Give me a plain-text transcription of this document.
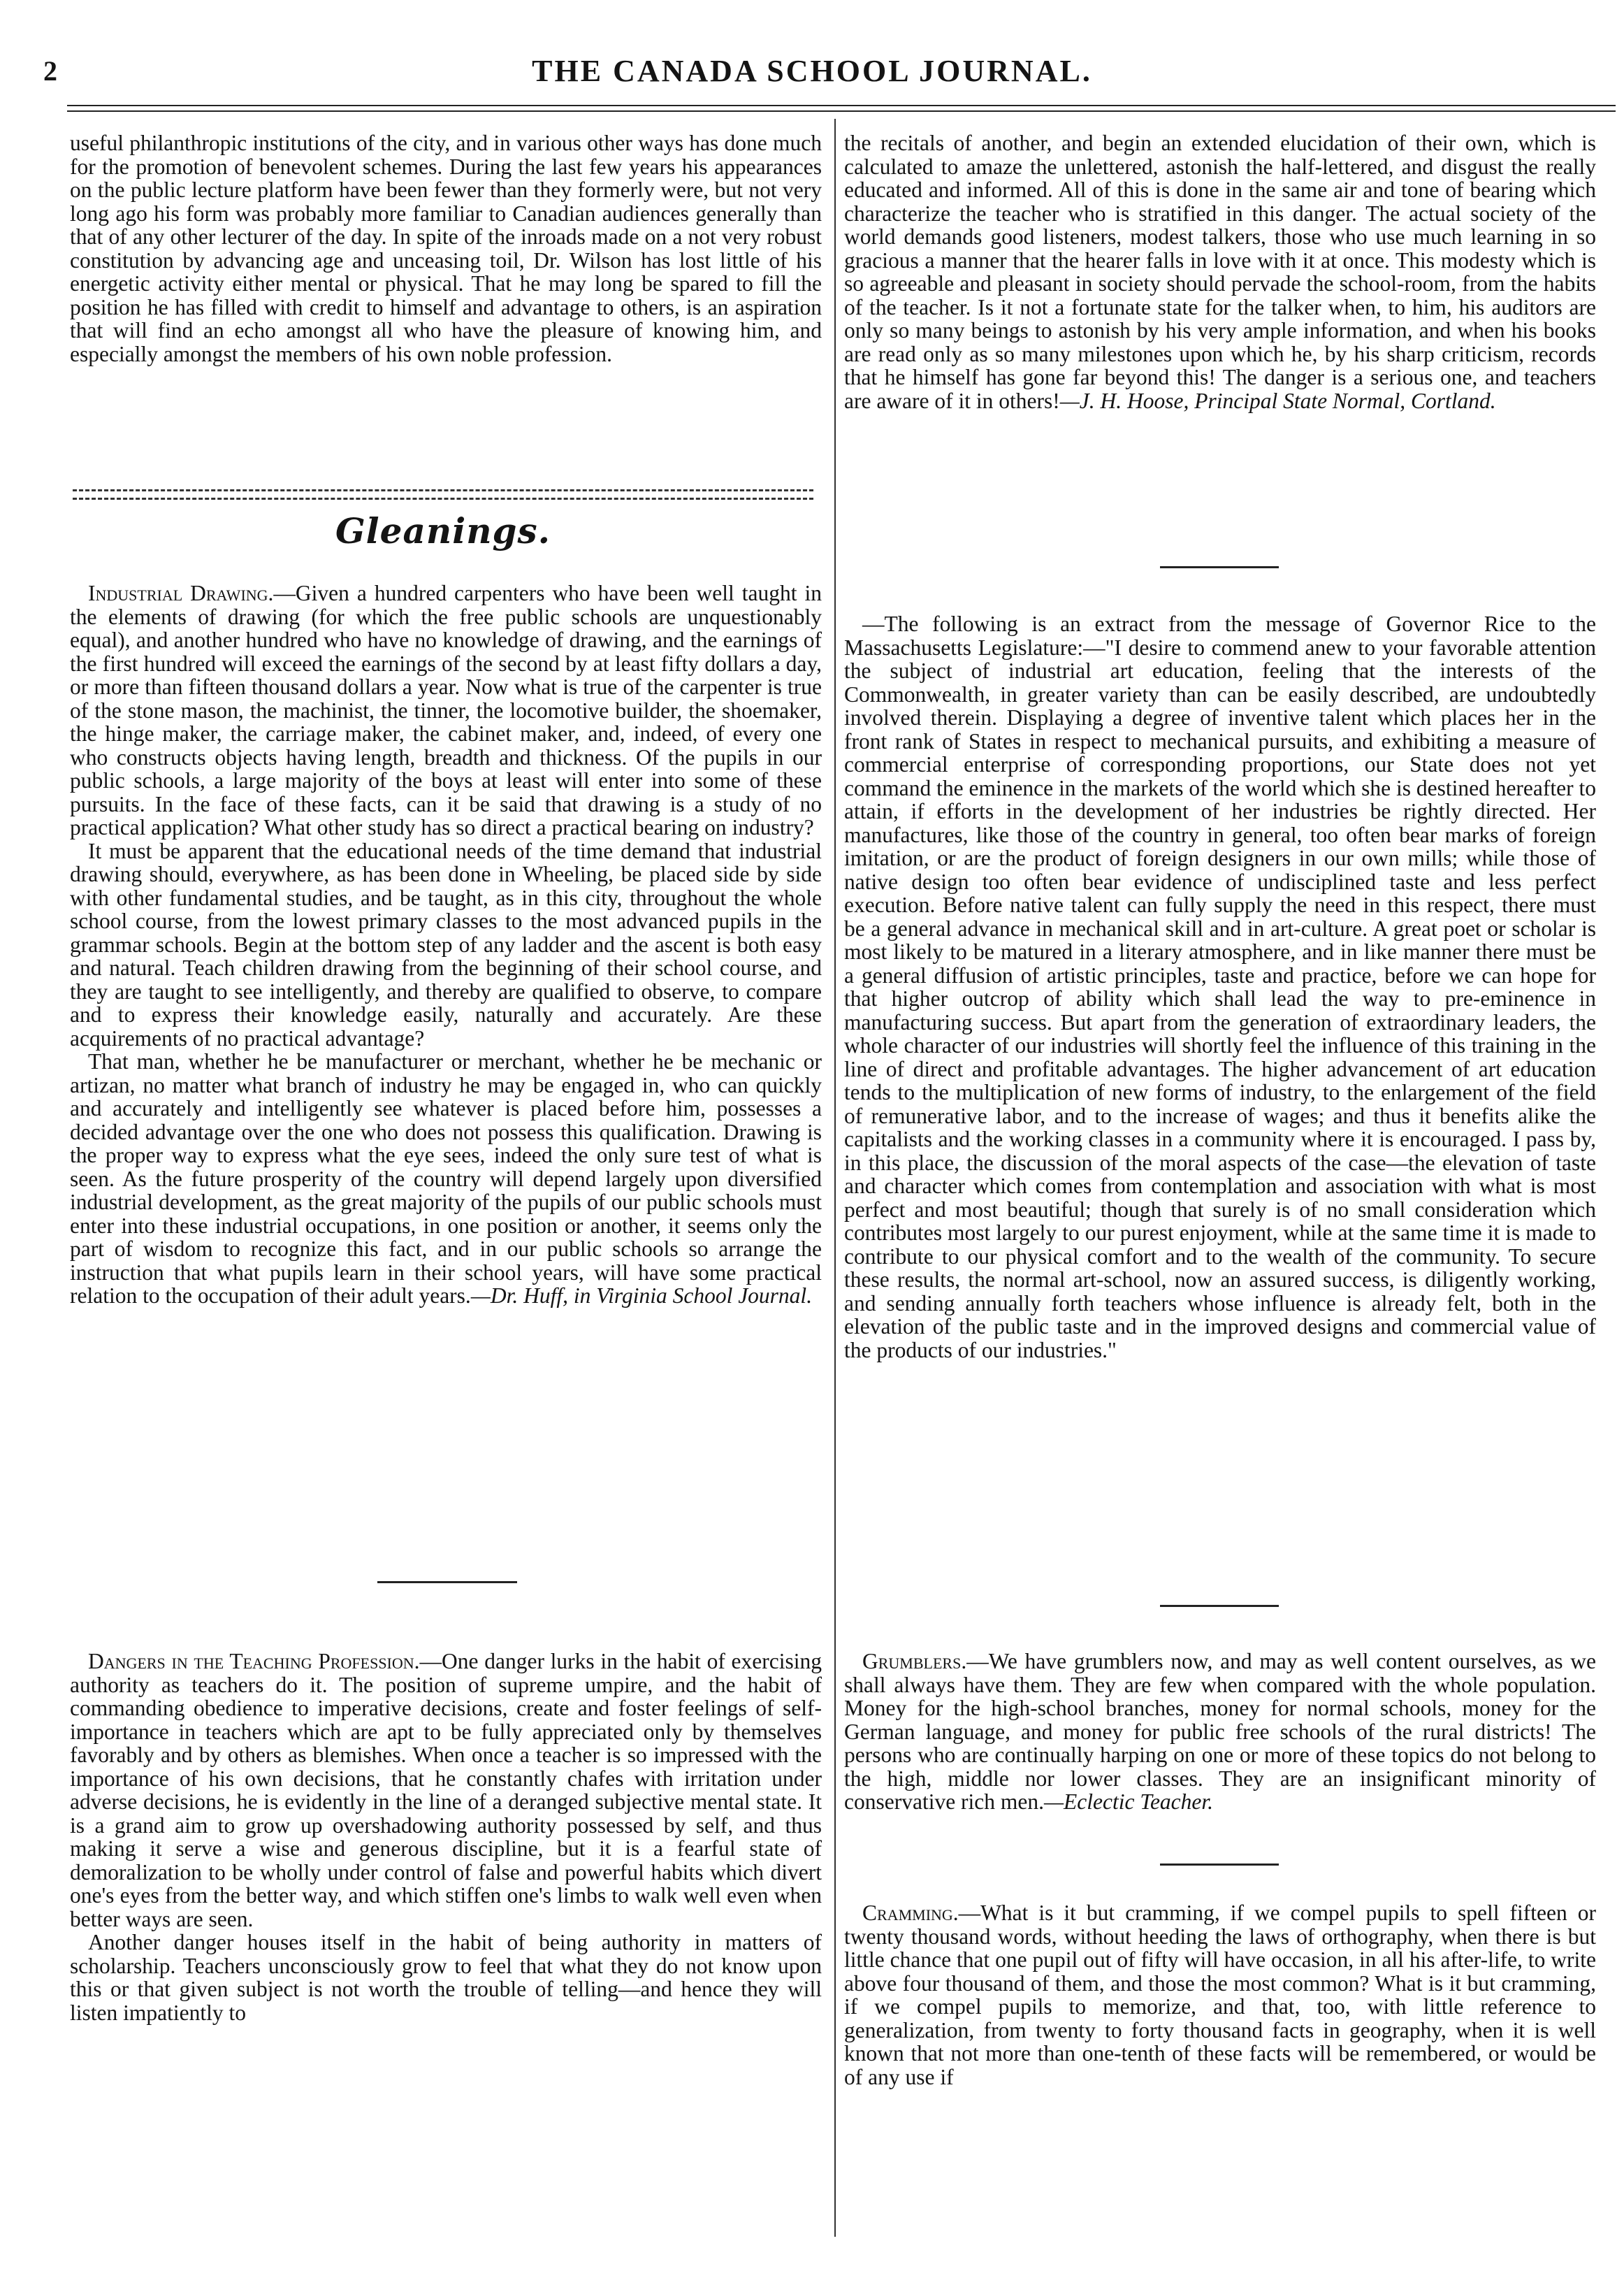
2	THE CANADA SCHOOL JOURNAL.

useful philanthropic institutions of the city, and in various other ways has done much for the promotion of benevolent schemes. During the last few years his appearances on the public lecture platform have been fewer than they formerly were, but not very long ago his form was probably more familiar to Canadian audiences generally than that of any other lecturer of the day. In spite of the inroads made on a not very robust constitution by advancing age and unceasing toil, Dr. Wilson has lost little of his energetic activity either mental or physical. That he may long be spared to fill the position he has filled with credit to himself and advantage to others, is an aspiration that will find an echo amongst all who have the pleasure of knowing him, and especially amongst the members of his own noble profession.

Gleanings.

Industrial Drawing.—Given a hundred carpenters who have been well taught in the elements of drawing (for which the free public schools are unquestionably equal), and another hundred who have no knowledge of drawing, and the earnings of the first hundred will exceed the earnings of the second by at least fifty dollars a day, or more than fifteen thousand dollars a year. Now what is true of the carpenter is true of the stone mason, the machinist, the tinner, the locomotive builder, the shoemaker, the hinge maker, the carriage maker, the cabinet maker, and, indeed, of every one who constructs objects having length, breadth and thickness. Of the pupils in our public schools, a large majority of the boys at least will enter into some of these pursuits. In the face of these facts, can it be said that drawing is a study of no practical application? What other study has so direct a practical bearing on industry?

It must be apparent that the educational needs of the time demand that industrial drawing should, everywhere, as has been done in Wheeling, be placed side by side with other fundamental studies, and be taught, as in this city, throughout the whole school course, from the lowest primary classes to the most advanced pupils in the grammar schools. Begin at the bottom step of any ladder and the ascent is both easy and natural. Teach children drawing from the beginning of their school course, and they are taught to see intelligently, and thereby are qualified to observe, to compare and to express their knowledge easily, naturally and accurately. Are these acquirements of no practical advantage?

That man, whether he be manufacturer or merchant, whether he be mechanic or artizan, no matter what branch of industry he may be engaged in, who can quickly and accurately and intelligently see whatever is placed before him, possesses a decided advantage over the one who does not possess this qualification. Drawing is the proper way to express what the eye sees, indeed the only sure test of what is seen. As the future prosperity of the country will depend largely upon diversified industrial development, as the great majority of the pupils of our public schools must enter into these industrial occupations, in one position or another, it seems only the part of wisdom to recognize this fact, and in our public schools so arrange the instruction that what pupils learn in their school years, will have some practical relation to the occupation of their adult years.—Dr. Huff, in Virginia School Journal.

Dangers in the Teaching Profession.—One danger lurks in the habit of exercising authority as teachers do it. The position of supreme umpire, and the habit of commanding obedience to imperative decisions, create and foster feelings of self-importance in teachers which are apt to be fully appreciated only by themselves favorably and by others as blemishes. When once a teacher is so impressed with the importance of his own decisions, that he constantly chafes with irritation under adverse decisions, he is evidently in the line of a deranged subjective mental state. It is a grand aim to grow up overshadowing authority possessed by self, and thus making it serve a wise and generous discipline, but it is a fearful state of demoralization to be wholly under control of false and powerful habits which divert one's eyes from the better way, and which stiffen one's limbs to walk well even when better ways are seen.

Another danger houses itself in the habit of being authority in matters of scholarship. Teachers unconsciously grow to feel that what they do not know upon this or that given subject is not worth the trouble of telling—and hence they will listen impatiently to

the recitals of another, and begin an extended elucidation of their own, which is calculated to amaze the unlettered, astonish the half-lettered, and disgust the really educated and informed. All of this is done in the same air and tone of bearing which characterize the teacher who is stratified in this danger. The actual society of the world demands good listeners, modest talkers, those who use much learning in so gracious a manner that the hearer falls in love with it at once. This modesty which is so agreeable and pleasant in society should pervade the school-room, from the habits of the teacher. Is it not a fortunate state for the talker when, to him, his auditors are only so many beings to astonish by his very ample information, and when his books are read only as so many milestones upon which he, by his sharp criticism, records that he himself has gone far beyond this! The danger is a serious one, and teachers are aware of it in others!—J. H. Hoose, Principal State Normal, Cortland.

—The following is an extract from the message of Governor Rice to the Massachusetts Legislature:—"I desire to commend anew to your favorable attention the subject of industrial art education, feeling that the interests of the Commonwealth, in greater variety than can be easily described, are undoubtedly involved therein. Displaying a degree of inventive talent which places her in the front rank of States in respect to mechanical pursuits, and exhibiting a measure of commercial enterprise of corresponding proportions, our State does not yet command the eminence in the markets of the world which she is destined hereafter to attain, if efforts in the development of her industries be rightly directed. Her manufactures, like those of the country in general, too often bear marks of foreign imitation, or are the product of foreign designers in our own mills; while those of native design too often bear evidence of undisciplined taste and less perfect execution. Before native talent can fully supply the need in this respect, there must be a general advance in mechanical skill and in art-culture. A great poet or scholar is most likely to be matured in a literary atmosphere, and in like manner there must be a general diffusion of artistic principles, taste and practice, before we can hope for that higher outcrop of ability which shall lead the way to pre-eminence in manufacturing success. But apart from the generation of extraordinary leaders, the whole character of our industries will shortly feel the influence of this training in the line of direct and profitable advantages. The higher advancement of art education tends to the multiplication of new forms of industry, to the enlargement of the field of remunerative labor, and to the increase of wages; and thus it benefits alike the capitalists and the working classes in a community where it is encouraged. I pass by, in this place, the discussion of the moral aspects of the case—the elevation of taste and character which comes from contemplation and association with what is most perfect and most beautiful; though that surely is of no small consideration which contributes most largely to our purest enjoyment, while at the same time it is made to contribute to our physical comfort and to the wealth of the community. To secure these results, the normal art-school, now an assured success, is diligently working, and sending annually forth teachers whose influence is already felt, both in the elevation of the public taste and in the improved designs and commercial value of the products of our industries."

Grumblers.—We have grumblers now, and may as well content ourselves, as we shall always have them. They are few when compared with the whole population. Money for the high-school branches, money for normal schools, money for the German language, and money for public free schools of the rural districts! The persons who are continually harping on one or more of these topics do not belong to the high, middle nor lower classes. They are an insignificant minority of conservative rich men.—Eclectic Teacher.

Cramming.—What is it but cramming, if we compel pupils to spell fifteen or twenty thousand words, without heeding the laws of orthography, when there is but little chance that one pupil out of fifty will have occasion, in all his after-life, to write above four thousand of them, and those the most common? What is it but cramming, if we compel pupils to memorize, and that, too, with little reference to generalization, from twenty to forty thousand facts in geography, when it is well known that not more than one-tenth of these facts will be remembered, or would be of any use if
